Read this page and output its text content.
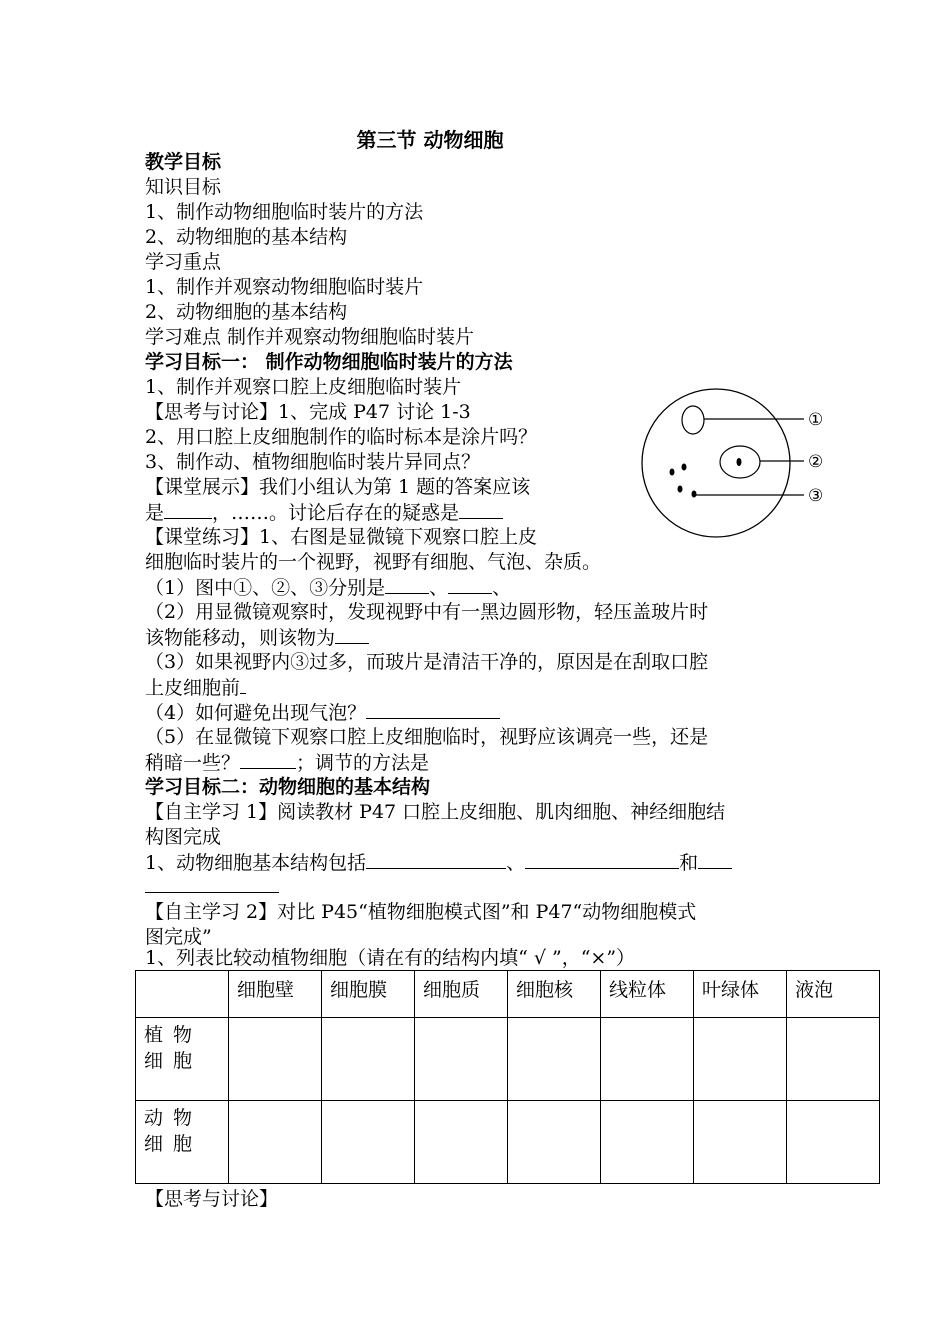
第三节 动物细胞
教学目标
知识目标
1、制作动物细胞临时装片的方法
2、动物细胞的基本结构
学习重点
1、制作并观察动物细胞临时装片
2、动物细胞的基本结构
学习难点 制作并观察动物细胞临时装片
学习目标一： 制作动物细胞临时装片的方法
1、制作并观察口腔上皮细胞临时装片
【思考与讨论】1、完成 P47 讨论 1-3
2、用口腔上皮细胞制作的临时标本是涂片吗？
3、制作动、植物细胞临时装片异同点？
【课堂展示】我们小组认为第 1 题的答案应该
是	，……。讨论后存在的疑惑是
【课堂练习】1、右图是显微镜下观察口腔上皮
细胞临时装片的一个视野，视野有细胞、气泡、杂质。
（1）图中①、②、③分别是 、 、
（2）用显微镜观察时，发现视野中有一黑边圆形物，轻压盖玻片时
该物能移动，则该物为
（3）如果视野内③过多，而玻片是清洁干净的，原因是在刮取口腔
上皮细胞前
（4）如何避免出现气泡？
（5）在显微镜下观察口腔上皮细胞临时，视野应该调亮一些，还是
稍暗一些？	；调节的方法是
学习目标二：动物细胞的基本结构
【自主学习 1】阅读教材 P47 口腔上皮细胞、肌肉细胞、神经细胞结
构图完成
1、动物细胞基本结构包括	、	和
【自主学习 2】对比 P45“植物细胞模式图”和 P47“动物细胞模式
图完成”
1、列表比较动植物细胞（请在有的结构内填“ √ ”，“×”）
①
②
③
	细胞壁	细胞膜	细胞质	细胞核	线粒体	叶绿体	液泡
植 物 细 胞							
动 物 细 胞							
【思考与讨论】
